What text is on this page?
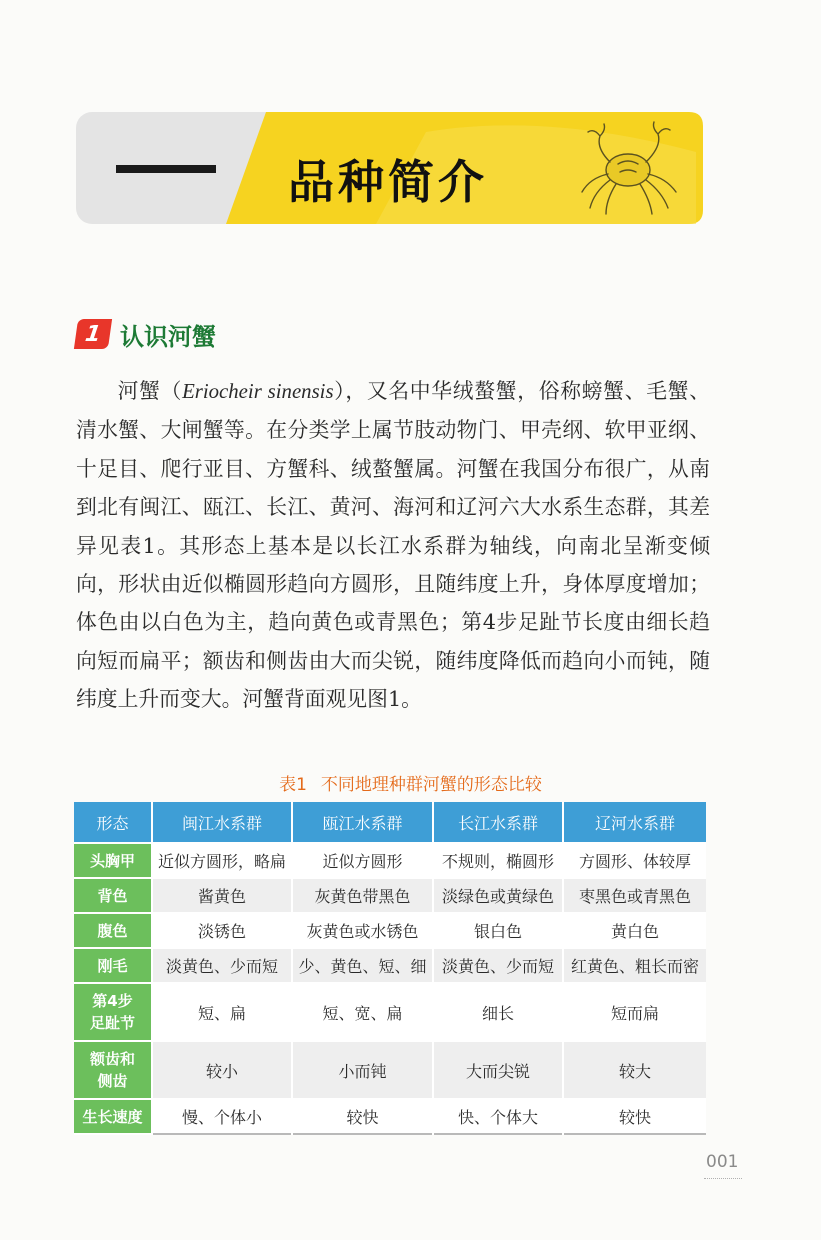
品种简介
1 认识河蟹

河蟹（Eriocheir sinensis），又名中华绒螯蟹，俗称螃蟹、毛蟹、清水蟹、大闸蟹等。在分类学上属节肢动物门、甲壳纲、软甲亚纲、十足目、爬行亚目、方蟹科、绒螯蟹属。河蟹在我国分布很广，从南到北有闽江、瓯江、长江、黄河、海河和辽河六大水系生态群，其差异见表1。其形态上基本是以长江水系群为轴线，向南北呈渐变倾向，形状由近似椭圆形趋向方圆形，且随纬度上升，身体厚度增加；体色由以白色为主，趋向黄色或青黑色；第4步足趾节长度由细长趋向短而扁平；额齿和侧齿由大而尖锐，随纬度降低而趋向小而钝，随纬度上升而变大。河蟹背面观见图1。

表1 不同地理种群河蟹的形态比较
形态	闽江水系群	瓯江水系群	长江水系群	辽河水系群
头胸甲	近似方圆形，略扁	近似方圆形	不规则，椭圆形	方圆形、体较厚
背色	酱黄色	灰黄色带黑色	淡绿色或黄绿色	枣黑色或青黑色
腹色	淡锈色	灰黄色或水锈色	银白色	黄白色
刚毛	淡黄色、少而短	少、黄色、短、细	淡黄色、少而短	红黄色、粗长而密
第4步
足趾节	短、扁	短、宽、扁	细长	短而扁
额齿和
侧齿	较小	小而钝	大而尖锐	较大
生长速度	慢、个体小	较快	快、个体大	较快
001
